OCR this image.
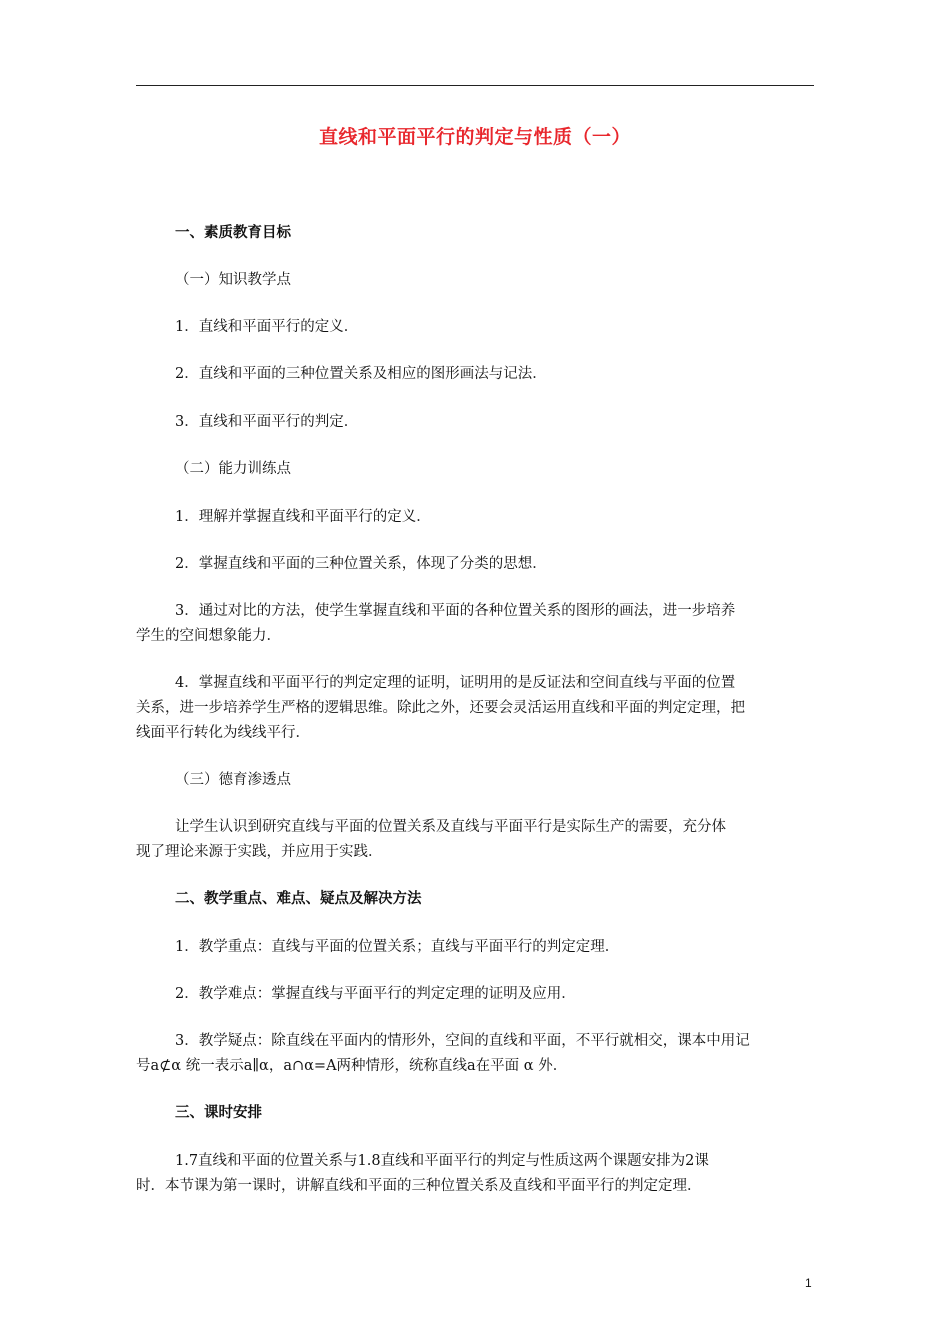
直线和平面平行的判定与性质（一）
一、素质教育目标
（一）知识教学点
1．直线和平面平行的定义．
2．直线和平面的三种位置关系及相应的图形画法与记法．
3．直线和平面平行的判定．
（二）能力训练点
1．理解并掌握直线和平面平行的定义．
2．掌握直线和平面的三种位置关系，体现了分类的思想．
3．通过对比的方法，使学生掌握直线和平面的各种位置关系的图形的画法，进一步培养
学生的空间想象能力．
4．掌握直线和平面平行的判定定理的证明，证明用的是反证法和空间直线与平面的位置
关系，进一步培养学生严格的逻辑思维。除此之外，还要会灵活运用直线和平面的判定定理，把
线面平行转化为线线平行．
（三）德育渗透点
让学生认识到研究直线与平面的位置关系及直线与平面平行是实际生产的需要，充分体
现了理论来源于实践，并应用于实践．
二、教学重点、难点、疑点及解决方法
1．教学重点：直线与平面的位置关系；直线与平面平行的判定定理．
2．教学难点：掌握直线与平面平行的判定定理的证明及应用．
3．教学疑点：除直线在平面内的情形外，空间的直线和平面，不平行就相交，课本中用记
号a⊄α 统一表示a∥α，a∩α=A两种情形，统称直线a在平面 α 外．
三、课时安排
1.7直线和平面的位置关系与1.8直线和平面平行的判定与性质这两个课题安排为2课
时．本节课为第一课时，讲解直线和平面的三种位置关系及直线和平面平行的判定定理．
1
